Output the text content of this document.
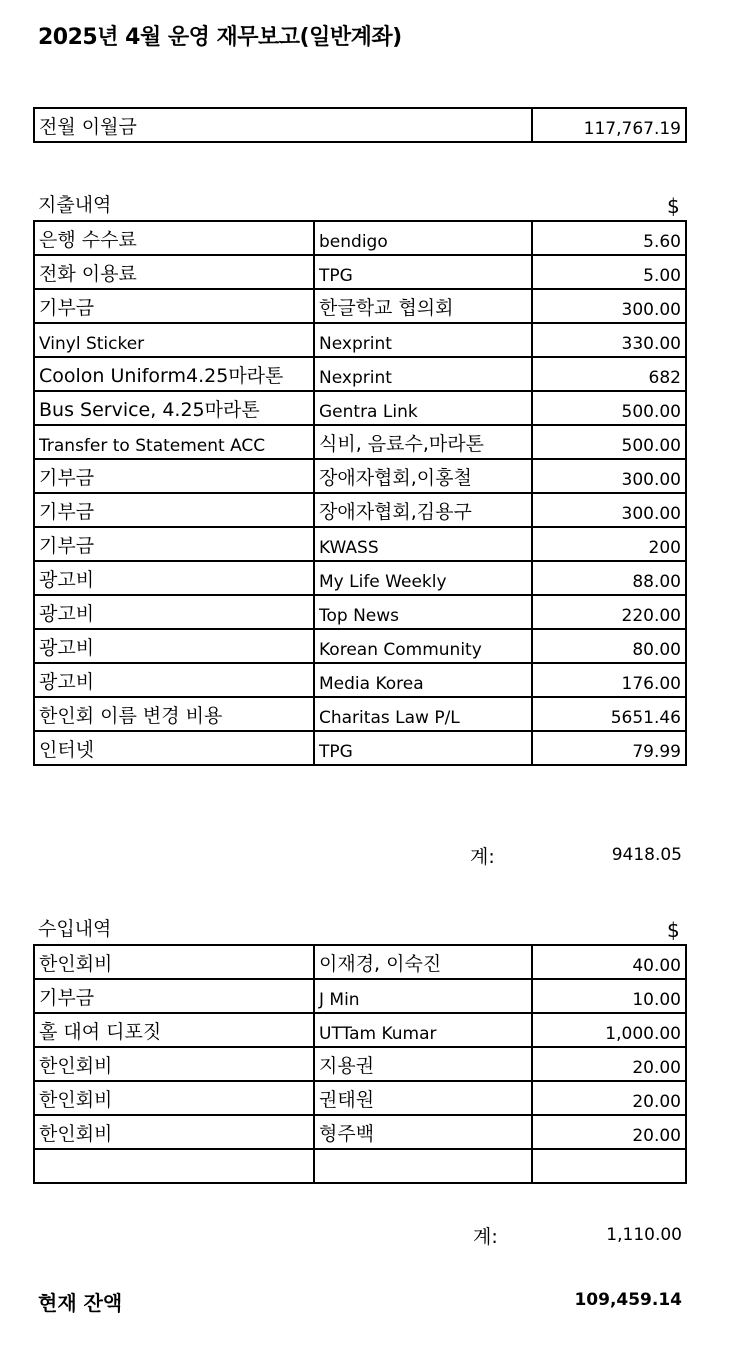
2025년 4월 운영 재무보고(일반계좌)
전월 이월금	117,767.19
지출내역	$
은행 수수료	bendigo	5.60
전화 이용료	TPG	5.00
기부금	한글학교 협의회	300.00
Vinyl Sticker	Nexprint	330.00
Coolon Uniform4.25마라톤	Nexprint	682
Bus Service, 4.25마라톤	Gentra Link	500.00
Transfer to Statement ACC	식비, 음료수,마라톤	500.00
기부금	장애자협회,이홍철	300.00
기부금	장애자협회,김용구	300.00
기부금	KWASS	200
광고비	My Life Weekly	88.00
광고비	Top News	220.00
광고비	Korean Community	80.00
광고비	Media Korea	176.00
한인회 이름 변경 비용	Charitas Law P/L	5651.46
인터넷	TPG	79.99
계:	9418.05
수입내역	$
한인회비	이재경, 이숙진	40.00
기부금	J Min	10.00
홀 대여 디포짓	UTTam Kumar	1,000.00
한인회비	지용권	20.00
한인회비	권태원	20.00
한인회비	형주백	20.00

계:	1,110.00
현재 잔액	109,459.14
